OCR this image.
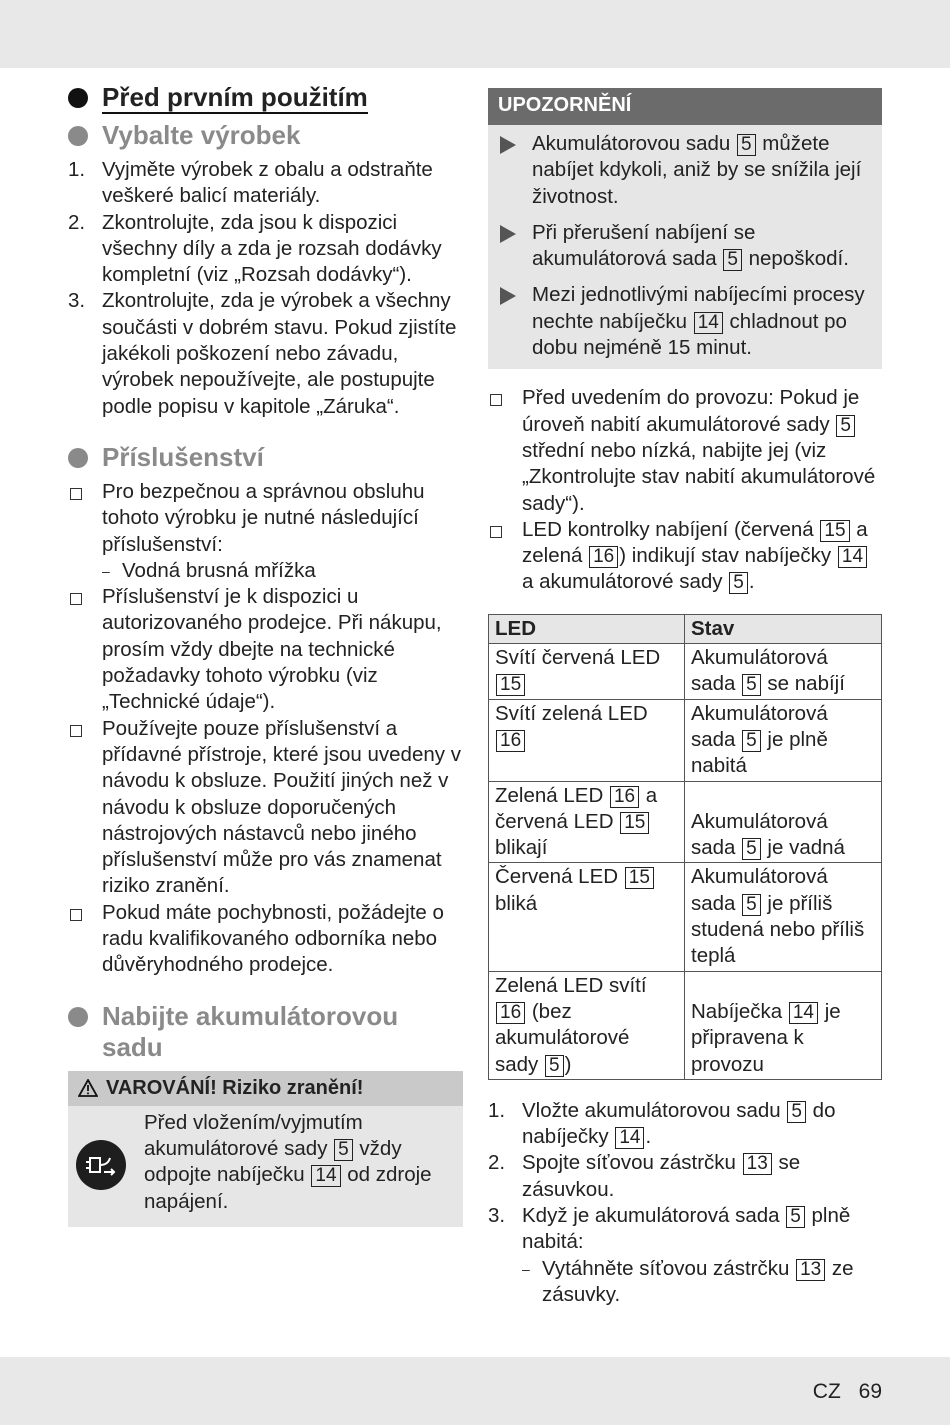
Před prvním použitím
Vybalte výrobek
1. Vyjměte výrobek z obalu a odstraňte veškeré balicí materiály.
2. Zkontrolujte, zda jsou k dispozici všechny díly a zda je rozsah dodávky kompletní (viz „Rozsah dodávky“).
3. Zkontrolujte, zda je výrobek a všechny součásti v dobrém stavu. Pokud zjistíte jakékoli poškození nebo závadu, výrobek nepoužívejte, ale postupujte podle popisu v kapitole „Záruka“.
Příslušenství
Pro bezpečnou a správnou obsluhu tohoto výrobku je nutné následující příslušenství:
– Vodná brusná mřížka
Příslušenství je k dispozici u autorizovaného prodejce. Při nákupu, prosím vždy dbejte na technické požadavky tohoto výrobku (viz „Technické údaje“).
Používejte pouze příslušenství a přídavné přístroje, které jsou uvedeny v návodu k obsluze. Použití jiných než v návodu k obsluze doporučených nástrojových nástavců nebo jiného příslušenství může pro vás znamenat riziko zranění.
Pokud máte pochybnosti, požádejte o radu kvalifikovaného odborníka nebo důvěryhodného prodejce.
Nabijte akumulátorovou sadu
VAROVÁNÍ! Riziko zranění!
Před vložením/vyjmutím akumulátorové sady 5 vždy odpojte nabíječku 14 od zdroje napájení.
UPOZORNĚNÍ
Akumulátorovou sadu 5 můžete nabíjet kdykoli, aniž by se snížila její životnost.
Při přerušení nabíjení se akumulátorová sada 5 nepoškodí.
Mezi jednotlivými nabíjecími procesy nechte nabíječku 14 chladnout po dobu nejméně 15 minut.
Před uvedením do provozu: Pokud je úroveň nabití akumulátorové sady 5 střední nebo nízká, nabijte jej (viz „Zkontrolujte stav nabití akumulátorové sady“).
LED kontrolky nabíjení (červená 15 a zelená 16 ) indikují stav nabíječky 14 a akumulátorové sady 5 .
LED	Stav
Svítí červená LED 15	Akumulátorová sada 5 se nabíjí
Svítí zelená LED 16	Akumulátorová sada 5 je plně nabitá
Zelená LED 16 a červená LED 15 blikají	Akumulátorová sada 5 je vadná
Červená LED 15 bliká	Akumulátorová sada 5 je příliš studená nebo příliš teplá
Zelená LED svítí 16 (bez akumulátorové sady 5 )	Nabíječka 14 je připravena k provozu
1. Vložte akumulátorovou sadu 5 do nabíječky 14 .
2. Spojte síťovou zástrčku 13 se zásuvkou.
3. Když je akumulátorová sada 5 plně nabitá:
– Vytáhněte síťovou zástrčku 13 ze zásuvky.
CZ 69
